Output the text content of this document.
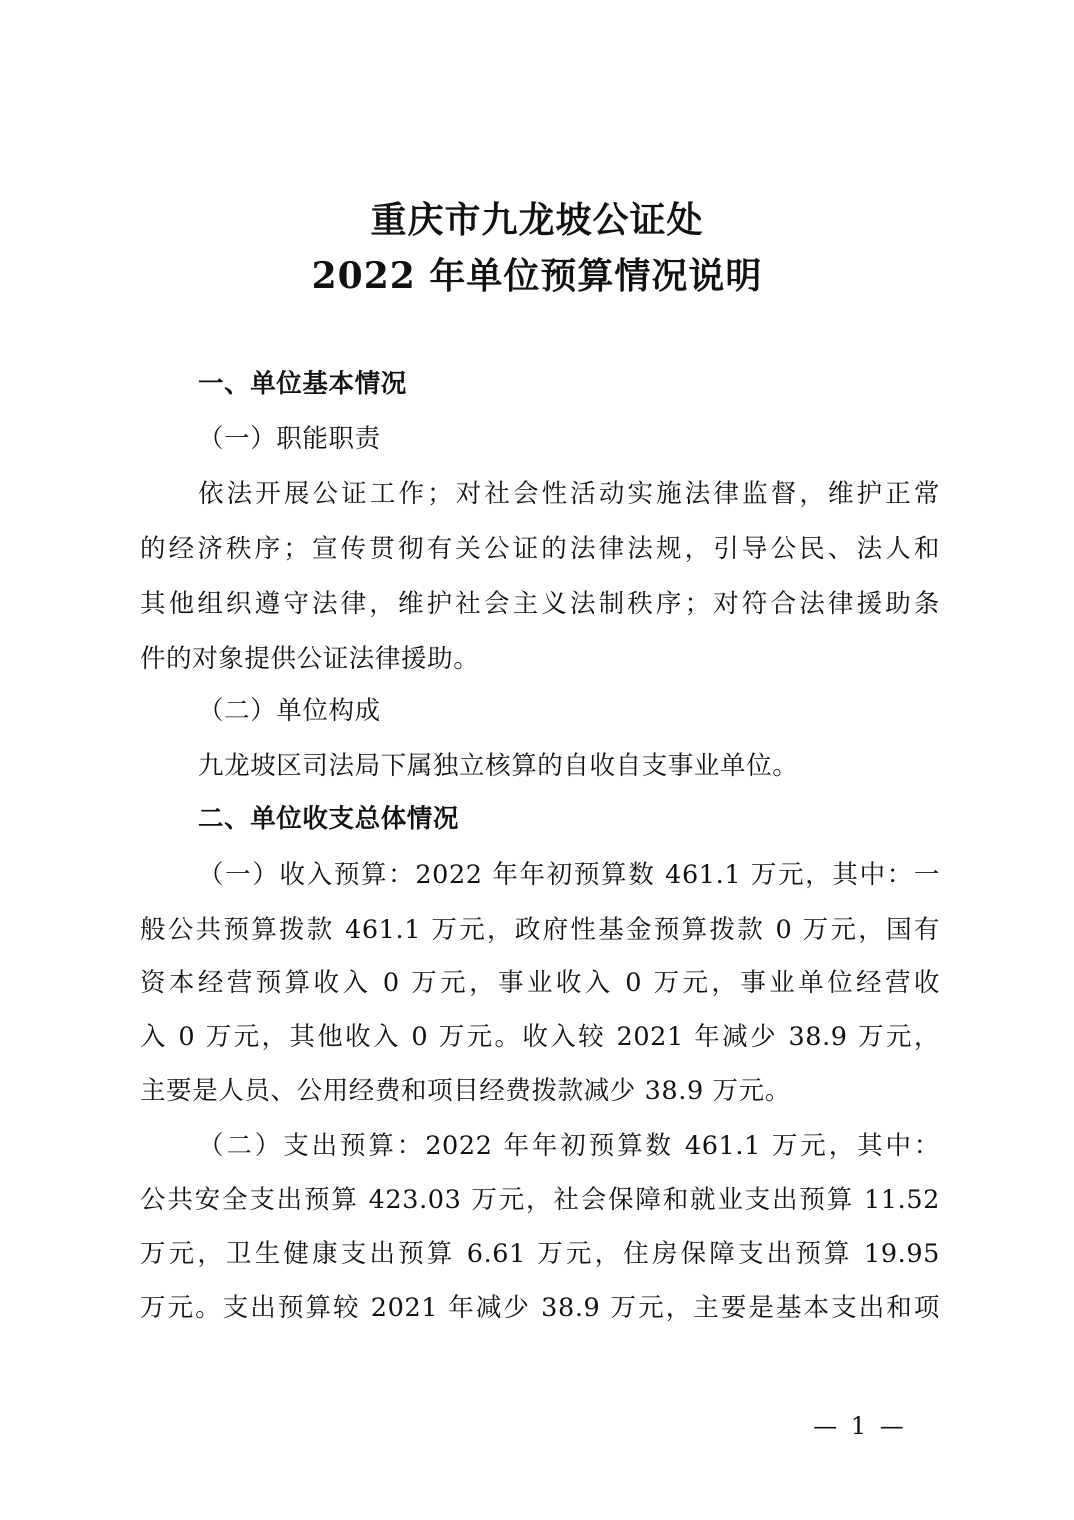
重庆市九龙坡公证处
2022 年单位预算情况说明
一、单位基本情况
（一）职能职责
依法开展公证工作；对社会性活动实施法律监督，维护正常
的经济秩序；宣传贯彻有关公证的法律法规，引导公民、法人和
其他组织遵守法律，维护社会主义法制秩序；对符合法律援助条
件的对象提供公证法律援助。
（二）单位构成
九龙坡区司法局下属独立核算的自收自支事业单位。
二、单位收支总体情况
（一）收入预算：2022 年年初预算数 461.1 万元，其中：一
般公共预算拨款 461.1 万元，政府性基金预算拨款 0 万元，国有
资本经营预算收入 0 万元，事业收入 0 万元，事业单位经营收
入 0 万元，其他收入 0 万元。收入较 2021 年减少 38.9 万元，
主要是人员、公用经费和项目经费拨款减少 38.9 万元。
（二）支出预算：2022 年年初预算数 461.1 万元，其中：
公共安全支出预算 423.03 万元，社会保障和就业支出预算 11.52
万元，卫生健康支出预算 6.61 万元，住房保障支出预算 19.95
万元。支出预算较 2021 年减少 38.9 万元，主要是基本支出和项
— 1 —
